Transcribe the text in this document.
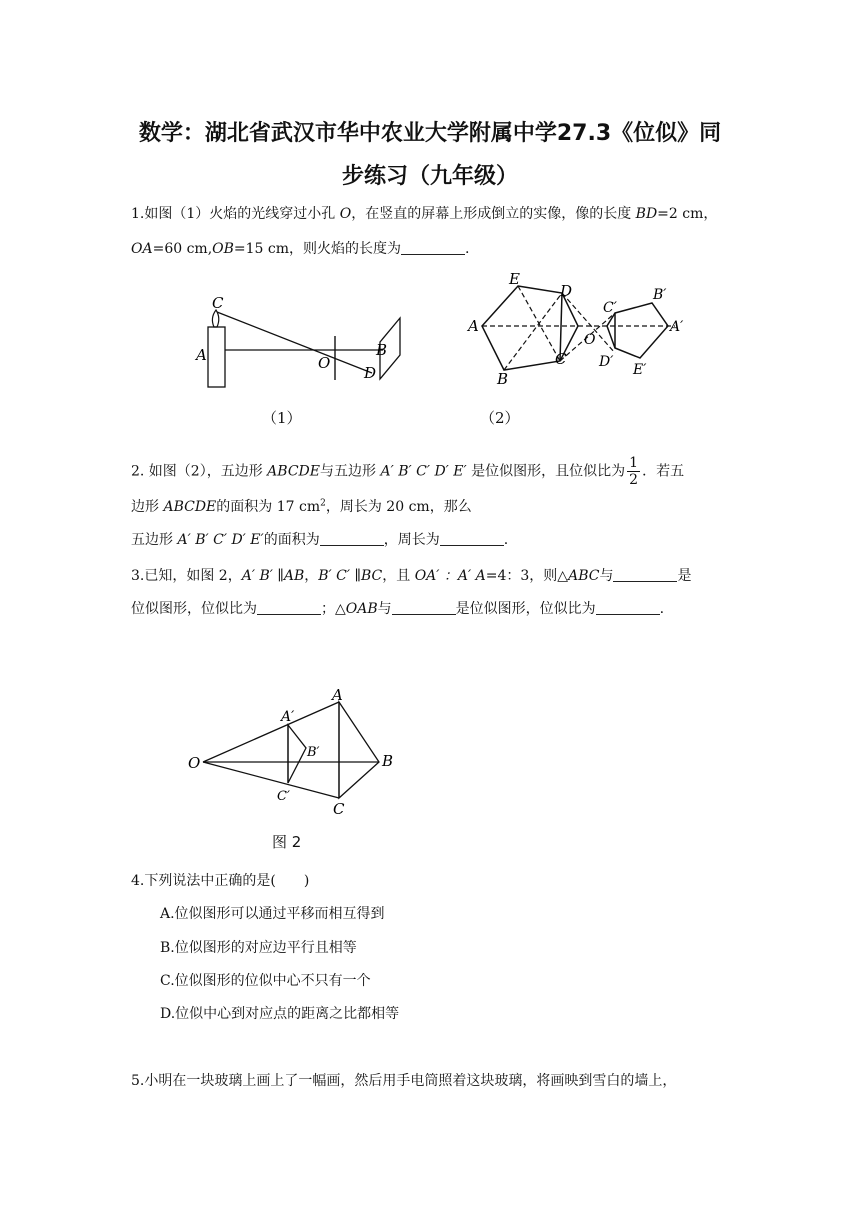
数学：湖北省武汉市华中农业大学附属中学27.3《位似》同
步练习（九年级）
1.如图（1）火焰的光线穿过小孔 O，在竖直的屏幕上形成倒立的实像，像的长度 BD=2 cm，
OA=60 cm,OB=15 cm，则火焰的长度为	.
C
A	O
B
D
（1）
E
D
A
O
C
B
C′
B′
A′
D′ E′
（2）
2. 如图（2），五边形 ABCDE与五边形 A′ B′ C′ D′ E′ 是位似图形，且位似比为 $\frac{1}{2}$ ．若五
边形 ABCDE的面积为 17 $cm^2$，周长为 20 cm，那么
五边形 A′ B′ C′ D′ E′的面积为	，周长为	.
3.已知，如图 2，A′ B′ ∥AB，B′ C′ ∥BC，且 OA′ ：A′ A=4：3，则△ABC与	是
位似图形，位似比为	；△OAB与	是位似图形，位似比为	.
A
A′
B′
O	B
C′
C
图 2
4.下列说法中正确的是(　　)
A.位似图形可以通过平移而相互得到
B.位似图形的对应边平行且相等
C.位似图形的位似中心不只有一个
D.位似中心到对应点的距离之比都相等
5.小明在一块玻璃上画上了一幅画，然后用手电筒照着这块玻璃，将画映到雪白的墙上，
